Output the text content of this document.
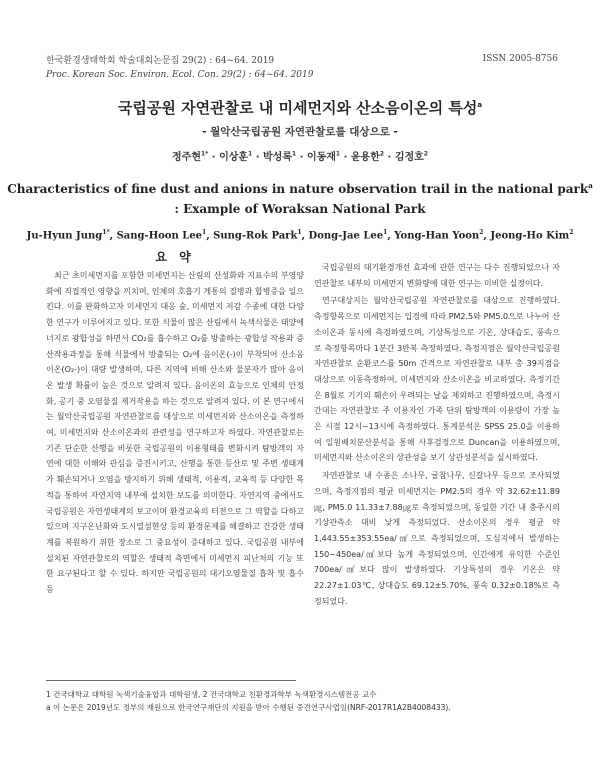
한국환경생태학회 학술대회논문집 29(2) : 64~64. 2019
Proc. Korean Soc. Environ. Ecol. Con. 29(2) : 64~64. 2019
ISSN 2005-8756
국립공원 자연관찰로 내 미세먼지와 산소음이온의 특성$^a$
- 월악산국립공원 자연관찰로를 대상으로 -
정주현$^{1*}$ · 이상훈$^1$ · 박성록$^1$ · 이동재$^1$ · 윤용한$^2$ · 김정호$^2$
Characteristics of fine dust and anions in nature observation trail in the national park$^a$
: Example of Woraksan National Park
Ju-Hyun Jung$^{1*}$, Sang-Hoon Lee$^1$, Sung-Rok Park$^1$, Dong-Jae Lee$^1$, Yong-Han Yoon$^2$, Jeong-Ho Kim$^2$
요 약

최근 초미세먼지를 포함한 미세먼지는 산림의 산성화와 지표수의 부영양화에 직접적인 영향을 끼치며, 인체의 호흡기 계통의 질병과 합병증을 일으킨다. 이를 완화하고자 미세먼지 대응 숲, 미세먼지 저감 수종에 대한 다양한 연구가 이루어지고 있다. 또한 식물이 많은 산림에서 녹색식물은 태양에너지로 광합성을 하면서 CO₂를 흡수하고 O₂를 방출하는 광합성 작용과 증산작용과정을 통해 식물에서 방출되는 O₂에 음이온(-)이 부착되어 산소음이온(O₂-)이 대량 발생하며, 다른 지역에 비해 산소와 물분자가 많아 음이온 발생 확률이 높은 것으로 알려져 있다. 음이온의 효능으로 인체의 안정화, 공기 중 오염물질 제거작용을 하는 것으로 알려져 있다. 이 본 연구에서는 월악산국립공원 자연관찰로를 대상으로 미세먼지와 산소이온을 측정하여, 미세먼지와 산소이온과의 관련성을 연구하고자 하였다. 자연관찰로는 기존 단순한 산행을 비롯한 국립공원의 이용형태를 변화시켜 탐방객의 자연에 대한 이해와 관심을 증진시키고, 산행을 통한 등산로 및 주변 생태계가 훼손되거나 오염을 방지하기 위해 생태적, 이용적, 교육적 등 다양한 목적을 통하여 자연지역 내부에 설치한 보도를 의미한다. 자연지역 중에서도 국립공원은 자연생태계의 보고이며 환경교육의 터전으로 그 역할을 다하고 있으며 지구온난화와 도시열섬현상 등의 환경문제를 해결하고 건강한 생태계를 복원하기 위한 장소로 그 중요성이 증대하고 있다. 국립공원 내부에 설치된 자연관찰로의 역할은 생태적 측면에서 미세먼지 피난처의 기능 또한 요구된다고 할 수 있다. 하지만 국립공원의 대기오염물질 흡착 및 흡수 등

국립공원의 대기환경개선 효과에 관한 연구는 다수 진행되었으나 자연관찰로 내부의 미세먼지 변화량에 대한 연구는 미비한 실정이다.

연구대상지는 월악산국립공원 자연관찰로를 대상으로 진행하였다. 측정항목으로 미세먼지는 입경에 따라 PM2.5와 PM5.0으로 나누어 산소이온과 동시에 측정하였으며, 기상특성으로 기온, 상대습도, 풍속으로 측정항목마다 1분간 3반복 측정하였다. 측정지점은 월악산국립공원 자연관찰로 순환코스를 50m 간격으로 자연관찰로 내부 총 39지점을 대상으로 이동측정하여, 미세먼지와 산소이온을 비교하였다. 측정기간은 8월로 기기의 훼손이 우려되는 날을 제외하고 진행하였으며, 측정시간대는 자연관찰로 주 이용자인 가족 단위 탐방객의 이용량이 가장 높은 시점 12시~13시에 측정하였다. 통계분석은 SPSS 25.0을 이용하여 일원배치분산분석을 통해 사후검정으로 Duncan을 이용하였으며, 미세먼지와 산소이온의 상관성을 보기 상관성분석을 실시하였다.

자연관찰로 내 수종은 소나무, 굴참나무, 신갈나무 등으로 조사되었으며, 측정지점의 평균 미세먼지는 PM2.5의 경우 약 32.62±11.89㎍, PM5.0 11.33±7.88㎍로 측정되었으며, 동일한 기간 내 충주시의 기상관측소 대비 낮게 측정되었다. 산소이온의 경우 평균 약 1,443.55±353.55ea/㎤으로 측정되었으며, 도심지에서 발생하는 150~450ea/㎤보다 높게 측정되었으며, 인간에게 유익한 수준인 700ea/㎤보다 많이 발생하였다. 기상특성의 경우 기온은 약 22.27±1.03℃, 상대습도 69.12±5.70%, 풍속 0.32±0.18%로 측정되었다.

1 건국대학교 대학원 녹색기술융합과 대학원생, 2 건국대학교 친환경과학부 녹색환경시스템전공 교수
a 이 논문은 2019년도 정부의 재원으로 한국연구재단의 지원을 받아 수행된 중견연구사업임(NRF-2017R1A2B4008433).
